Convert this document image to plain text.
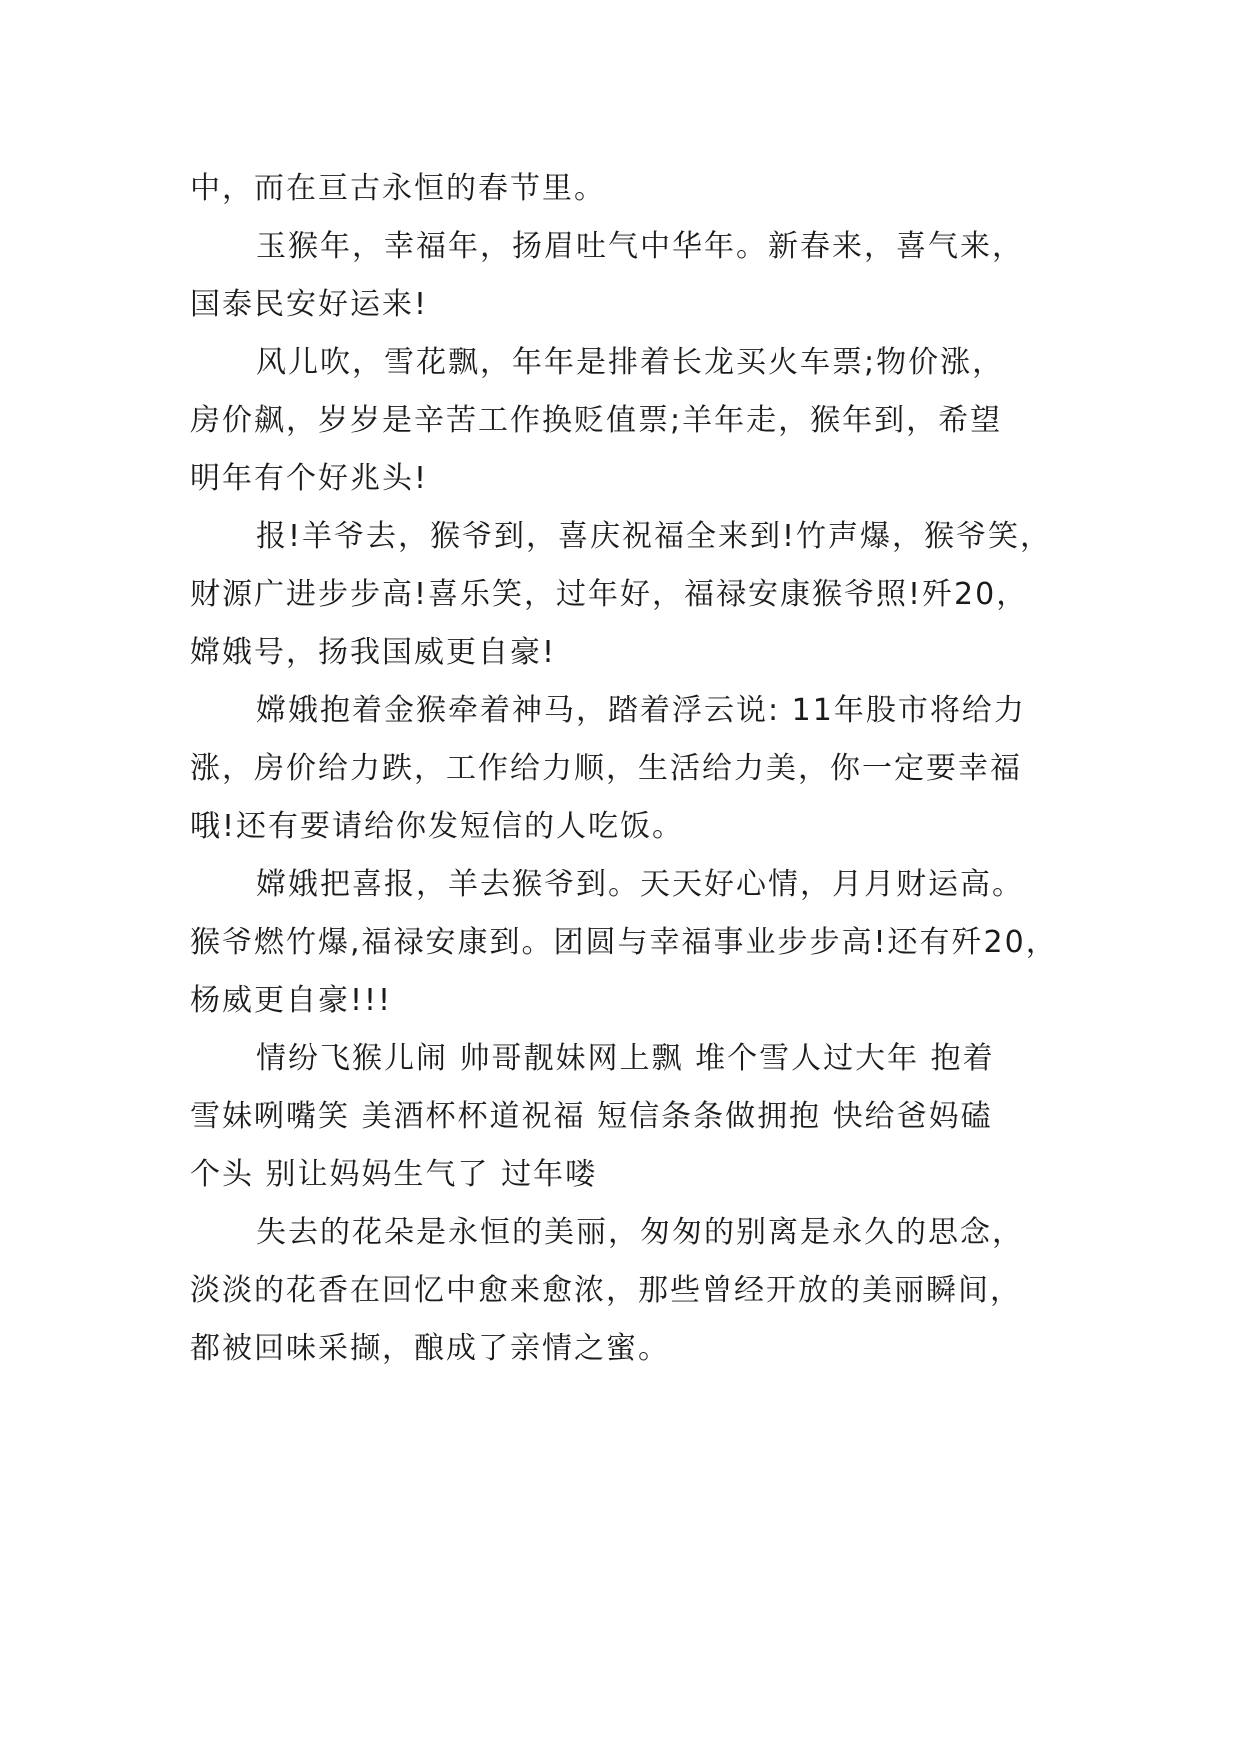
中，而在亘古永恒的春节里。
玉猴年，幸福年，扬眉吐气中华年。新春来，喜气来，
国泰民安好运来!
风儿吹，雪花飘，年年是排着长龙买火车票;物价涨，
房价飙，岁岁是辛苦工作换贬值票;羊年走，猴年到，希望
明年有个好兆头!
报!羊爷去，猴爷到，喜庆祝福全来到!竹声爆，猴爷笑，
财源广进步步高!喜乐笑，过年好，福禄安康猴爷照!歼20，
嫦娥号，扬我国威更自豪!
嫦娥抱着金猴牵着神马，踏着浮云说: 11年股市将给力
涨，房价给力跌，工作给力顺，生活给力美，你一定要幸福
哦!还有要请给你发短信的人吃饭。
嫦娥把喜报，羊去猴爷到。天天好心情，月月财运高。
猴爷燃竹爆,福禄安康到。团圆与幸福事业步步高!还有歼20，
杨威更自豪!!!
情纷飞猴儿闹 帅哥靓妹网上飘 堆个雪人过大年 抱着
雪妹咧嘴笑 美酒杯杯道祝福 短信条条做拥抱 快给爸妈磕
个头 别让妈妈生气了 过年喽
失去的花朵是永恒的美丽，匆匆的别离是永久的思念，
淡淡的花香在回忆中愈来愈浓，那些曾经开放的美丽瞬间，
都被回味采撷，酿成了亲情之蜜。
